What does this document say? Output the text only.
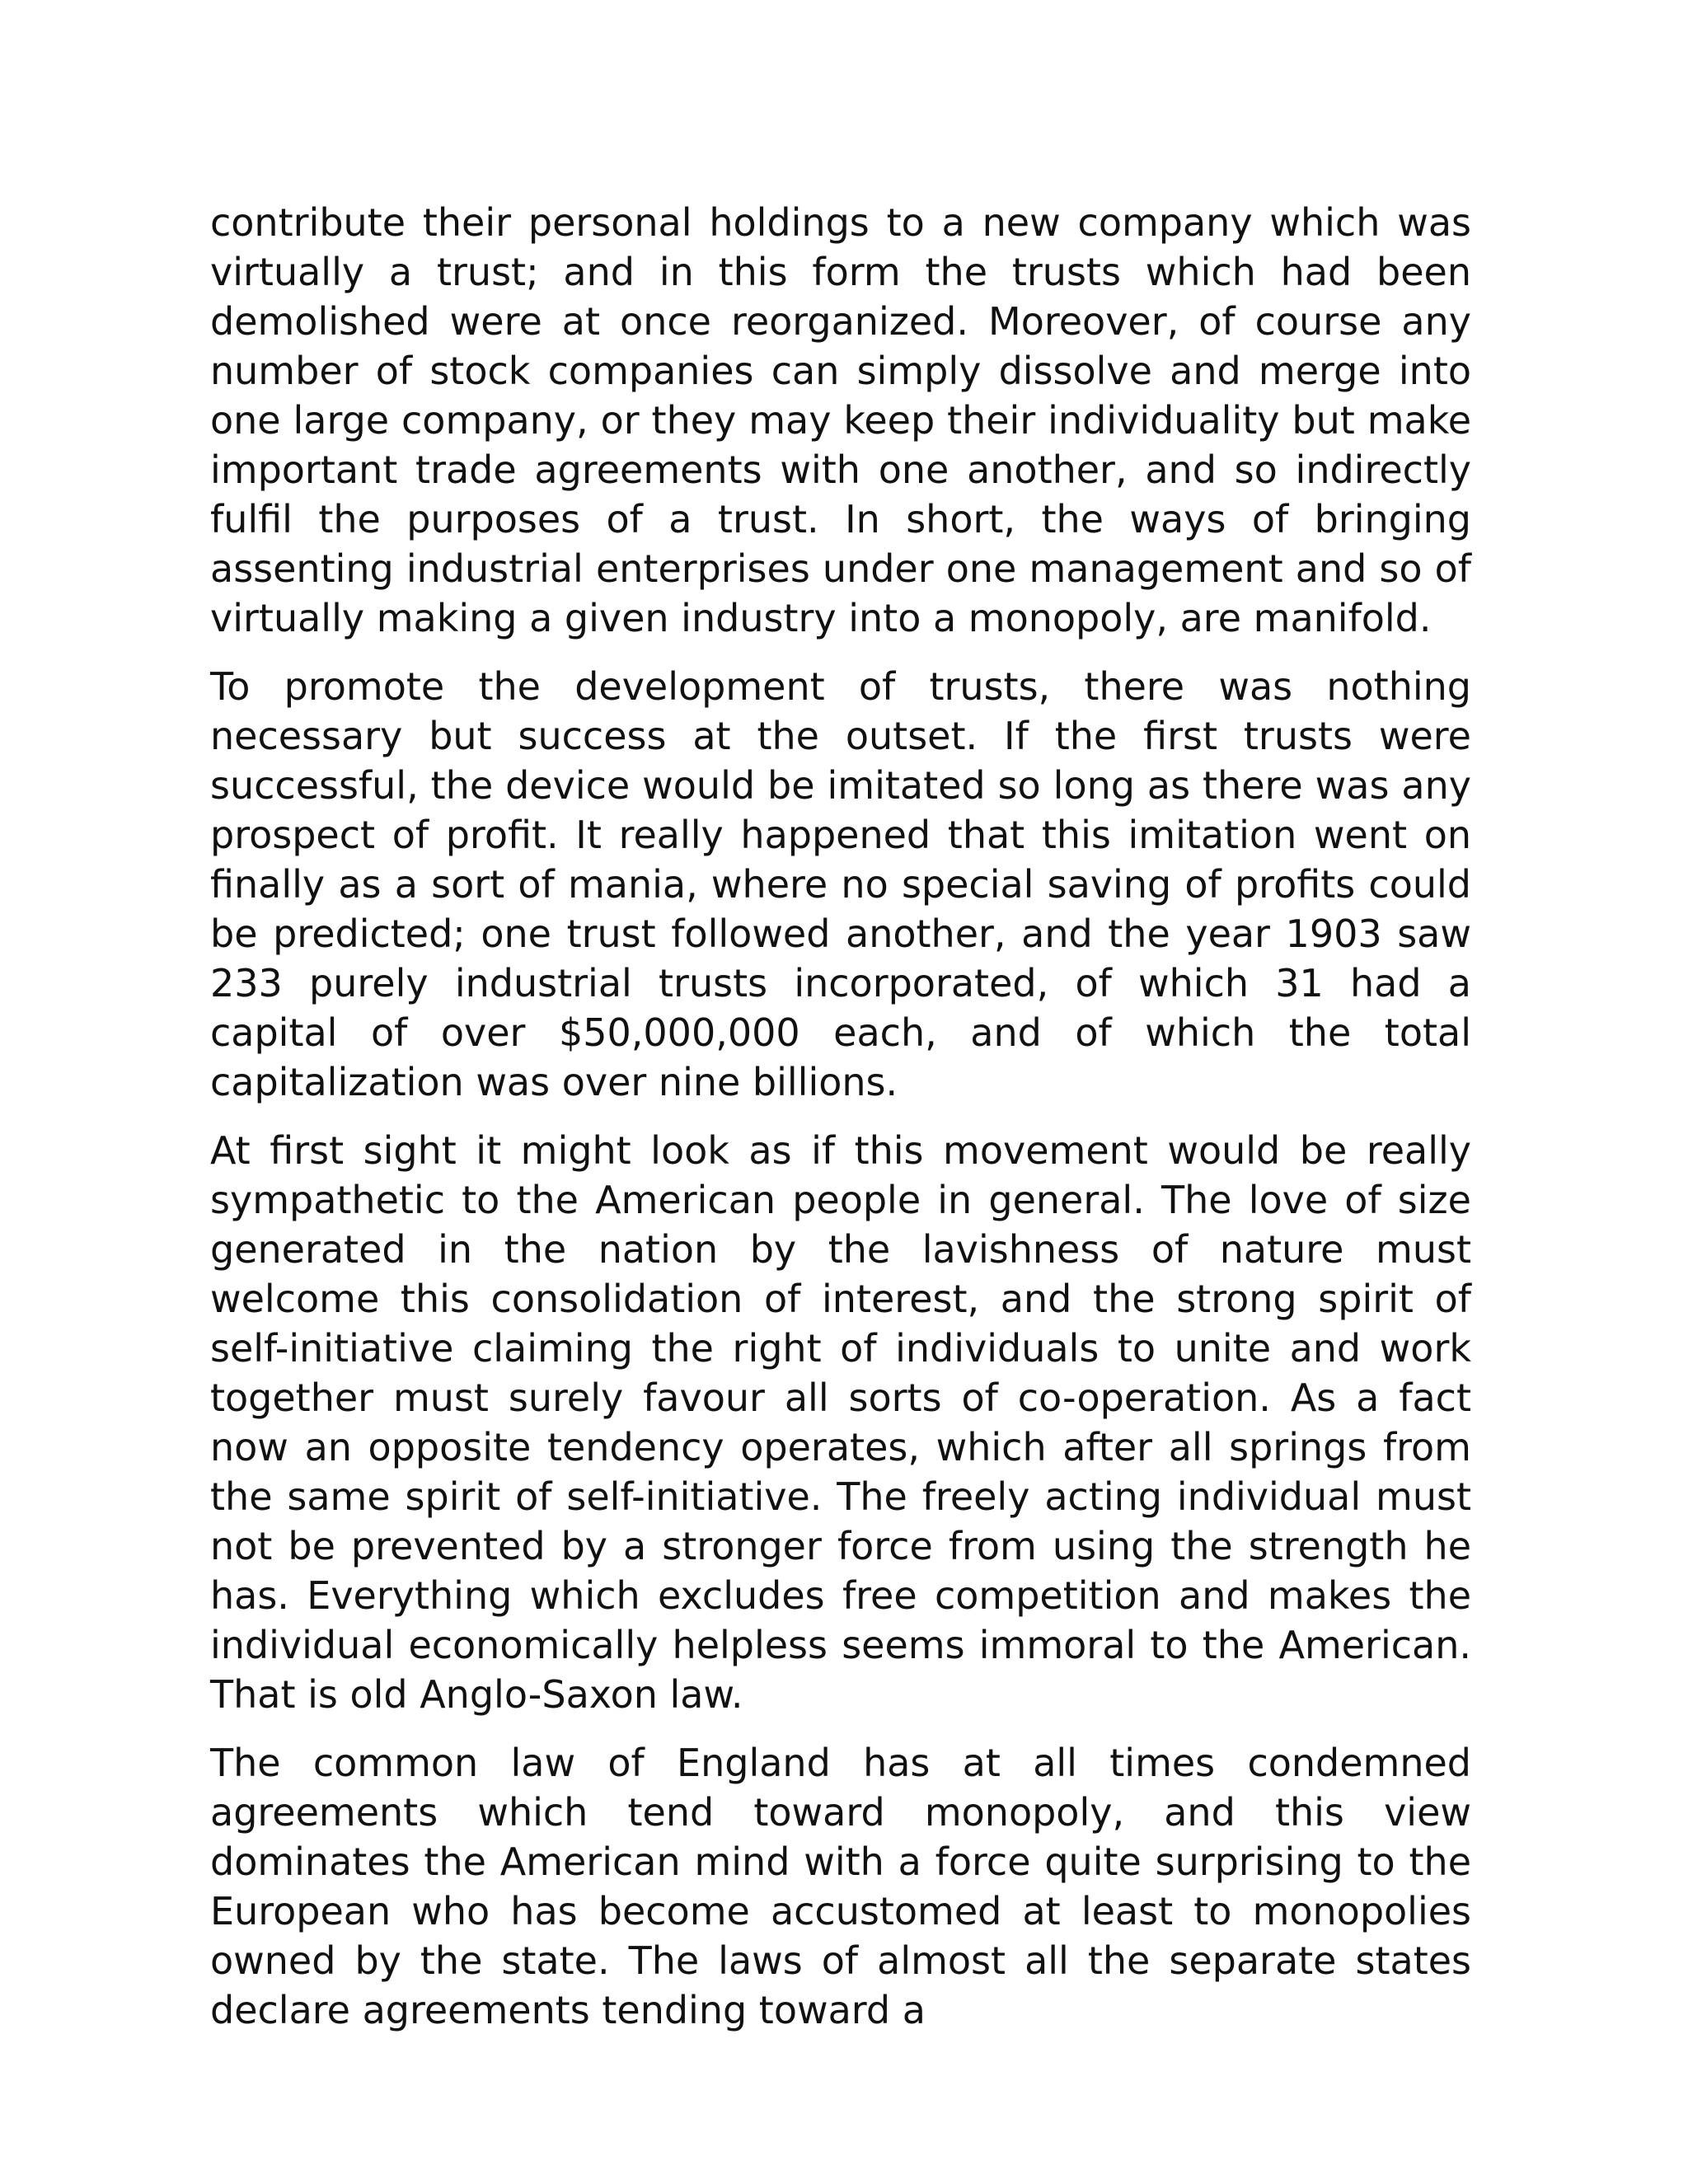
contribute their personal holdings to a new company which was virtually a trust; and in this form the trusts which had been demolished were at once reorganized. Moreover, of course any number of stock companies can simply dissolve and merge into one large company, or they may keep their individuality but make important trade agreements with one another, and so indirectly fulfil the purposes of a trust. In short, the ways of bringing assenting industrial enterprises under one management and so of virtually making a given industry into a monopoly, are manifold.

To promote the development of trusts, there was nothing necessary but success at the outset. If the first trusts were successful, the device would be imitated so long as there was any prospect of profit. It really happened that this imitation went on finally as a sort of mania, where no special saving of profits could be predicted; one trust followed another, and the year 1903 saw 233 purely industrial trusts incorporated, of which 31 had a capital of over $50,000,000 each, and of which the total capitalization was over nine billions.

At first sight it might look as if this movement would be really sympathetic to the American people in general. The love of size generated in the nation by the lavishness of nature must welcome this consolidation of interest, and the strong spirit of self-initiative claiming the right of individuals to unite and work together must surely favour all sorts of co-operation. As a fact now an opposite tendency operates, which after all springs from the same spirit of self-initiative. The freely acting individual must not be prevented by a stronger force from using the strength he has. Everything which excludes free competition and makes the individual economically helpless seems immoral to the American. That is old Anglo-Saxon law.

The common law of England has at all times condemned agreements which tend toward monopoly, and this view dominates the American mind with a force quite surprising to the European who has become accustomed at least to monopolies owned by the state. The laws of almost all the separate states declare agreements tending toward a
